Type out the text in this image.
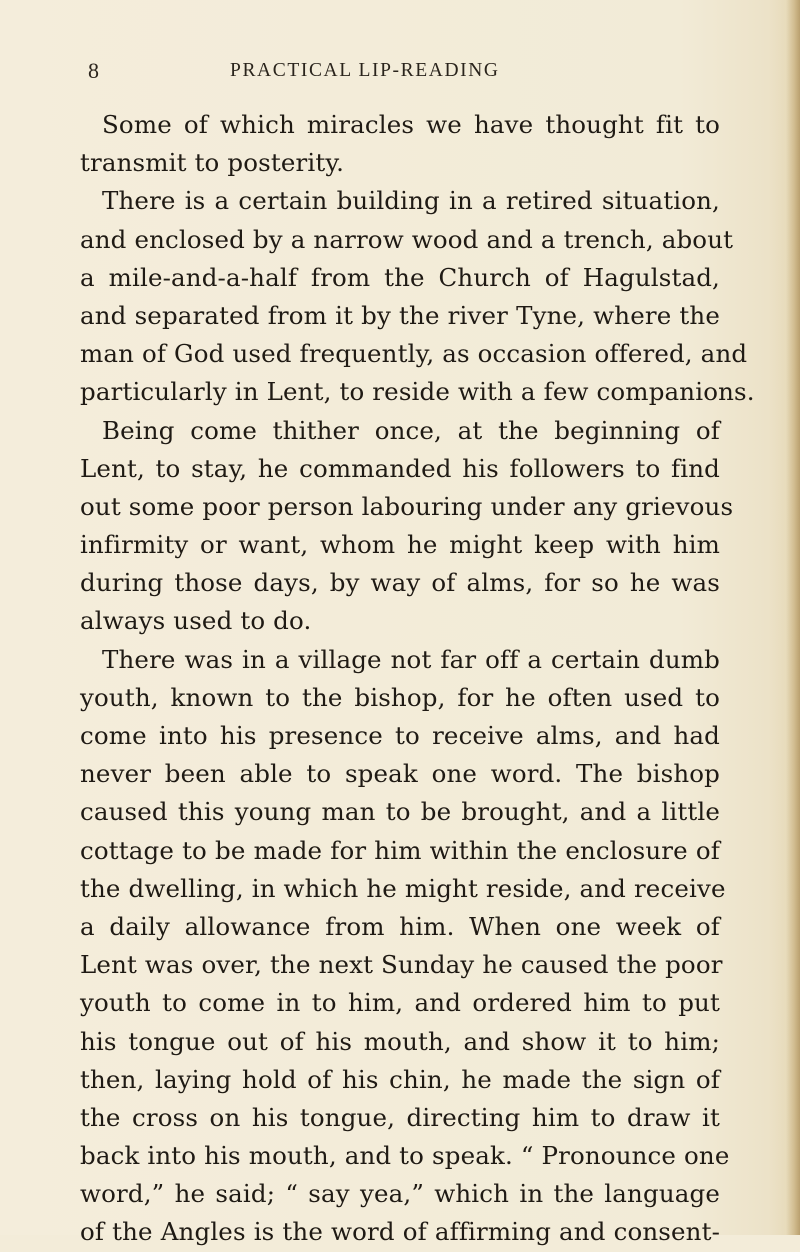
8	PRACTICAL LIP-READING
Some of which miracles we have thought fit to
transmit to posterity.
There is a certain building in a retired situation,
and enclosed by a narrow wood and a trench, about
a mile-and-a-half from the Church of Hagulstad,
and separated from it by the river Tyne, where the
man of God used frequently, as occasion offered, and
particularly in Lent, to reside with a few companions.
Being come thither once, at the beginning of
Lent, to stay, he commanded his followers to find
out some poor person labouring under any grievous
infirmity or want, whom he might keep with him
during those days, by way of alms, for so he was
always used to do.
There was in a village not far off a certain dumb
youth, known to the bishop, for he often used to
come into his presence to receive alms, and had
never been able to speak one word. The bishop
caused this young man to be brought, and a little
cottage to be made for him within the enclosure of
the dwelling, in which he might reside, and receive
a daily allowance from him. When one week of
Lent was over, the next Sunday he caused the poor
youth to come in to him, and ordered him to put
his tongue out of his mouth, and show it to him;
then, laying hold of his chin, he made the sign of
the cross on his tongue, directing him to draw it
back into his mouth, and to speak. “ Pronounce one
word,” he said; “ say yea,” which in the language
of the Angles is the word of affirming and consent-
